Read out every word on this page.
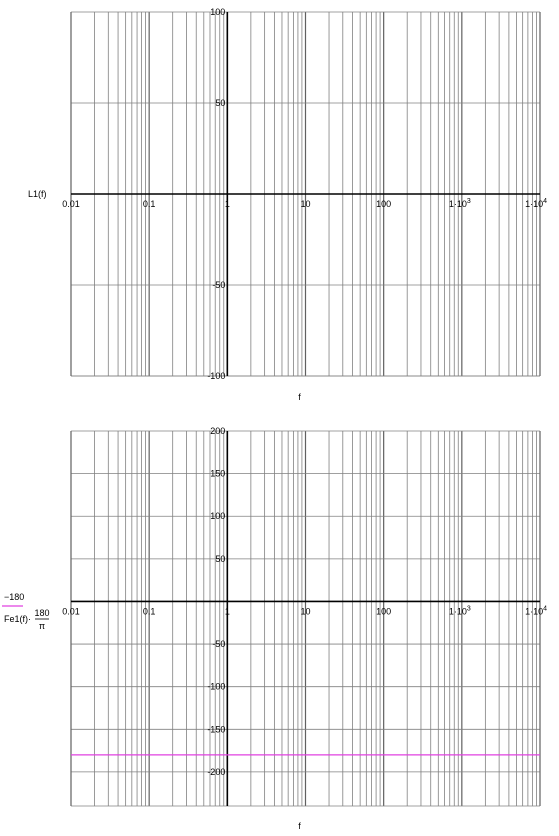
0.01	0.1	1	10	100	$1\cdot 10^3$	$1\cdot 10^4$
100
50
-50
-100
f
L1(f)
0.01	0.1	1	10	100	$1\cdot 10^3$	$1\cdot 10^4$
200
150
100
50
-50
-100
-150
-200
f
−180
Fe1(f)·
180
π
